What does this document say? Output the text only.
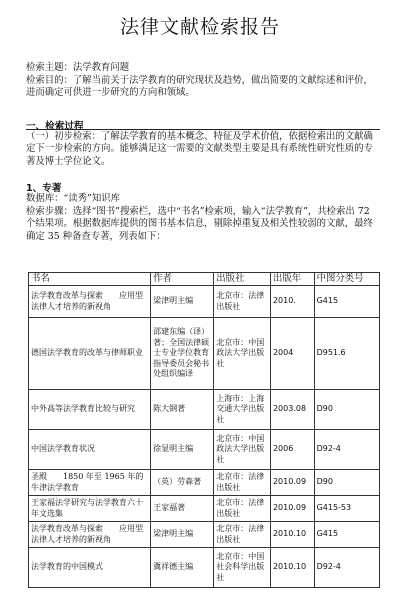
法律文献检索报告

检索主题：法学教育问题

检索目的：了解当前关于法学教育的研究现状及趋势，做出简要的文献综述和评价，进而确定可供进一步研究的方向和领域。

一、检索过程

（一）初步检索：了解法学教育的基本概念、特征及学术价值，依据检索出的文献确定下一步检索的方向。能够满足这一需要的文献类型主要是具有系统性研究性质的专著及博士学位论文。

1、专著

数据库：“读秀”知识库

检索步骤：选择“图书”搜索栏，选中“书名”检索项，输入“法学教育”，共检索出 72 个结果项。根据数据库提供的图书基本信息，剔除掉重复及相关性较弱的文献，最终确定 35 种备查专著，列表如下：

书名	作者	出版社	出版年	中图分类号
法学教育改革与探索　　应用型法律人才培养的新视角	梁津明主编	北京市：法律出版社	2010.	G415
德国法学教育的改革与律师职业	邵建东编（译）著；全国法律硕士专业学位教育指导委员会秘书处组织编译	北京市：中国政法大学出版社	2004	D951.6
中外高等法学教育比较与研究	陈大钢著	上海市：上海交通大学出版社	2003.08	D90
中国法学教育状况	徐显明主编	北京市：中国政法大学出版社	2006	D92-4
圣殿　　1850 年至 1965 年的牛津法学教育	（英）劳森著	北京市：法律出版社	2010.09	D90
王家福法学研究与法学教育六十年文选集	王家福著	北京市：法律出版社	2010.09	G415-53
法学教育改革与探索　　应用型法律人才培养的新视角	梁津明主编	北京市：法律出版社	2010.10	G415
法学教育的中国模式	冀祥德主编	北京市：中国社会科学出版社	2010.10	D92-4
